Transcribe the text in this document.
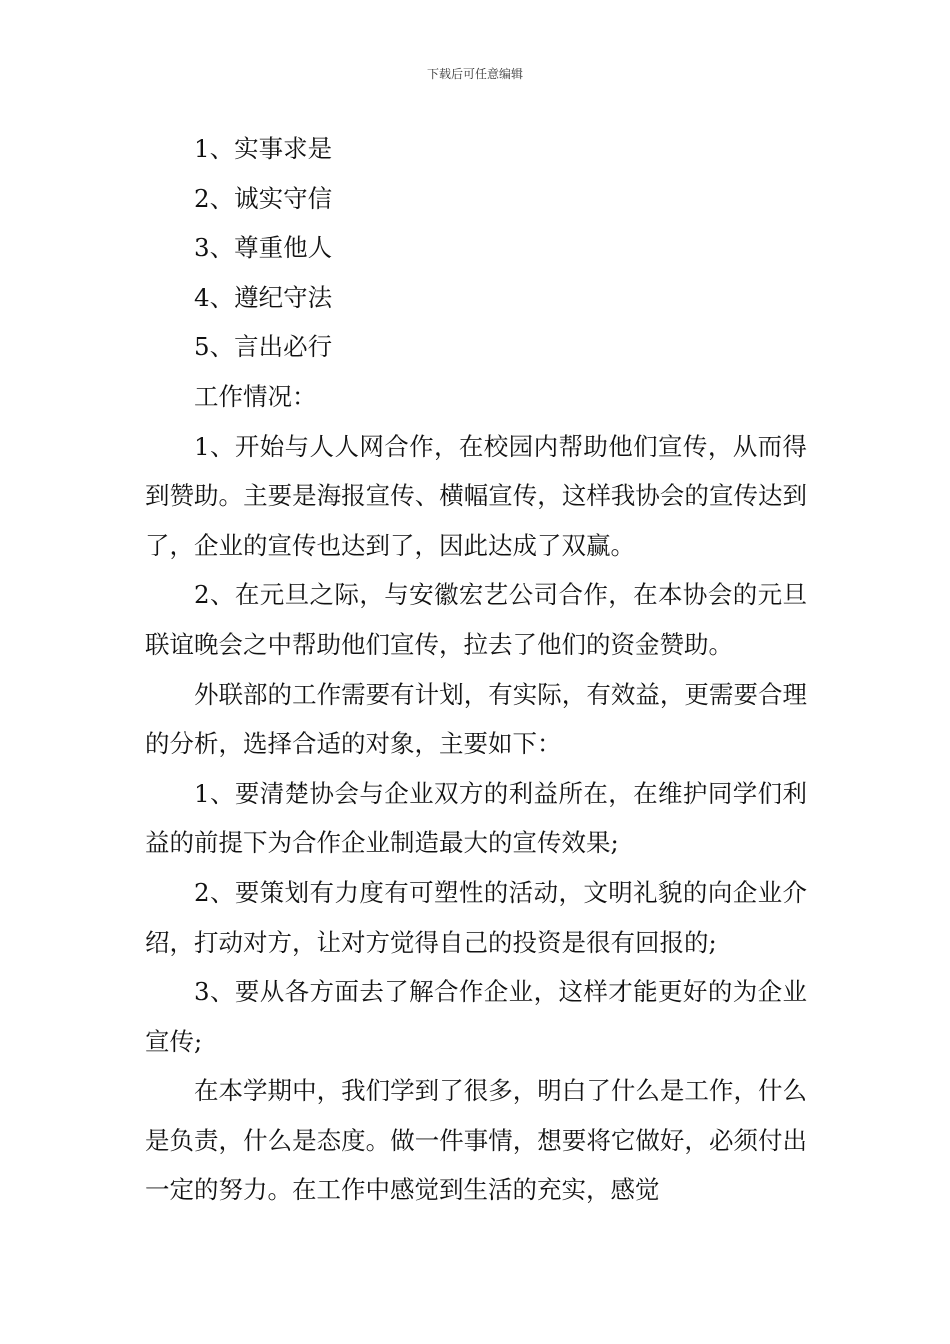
下载后可任意编辑

1、实事求是

2、诚实守信

3、尊重他人

4、遵纪守法

5、言出必行

工作情况：

1、开始与人人网合作，在校园内帮助他们宣传，从而得到赞助。主要是海报宣传、横幅宣传，这样我协会的宣传达到了，企业的宣传也达到了，因此达成了双赢。

2、在元旦之际，与安徽宏艺公司合作，在本协会的元旦联谊晚会之中帮助他们宣传，拉去了他们的资金赞助。

外联部的工作需要有计划，有实际，有效益，更需要合理的分析，选择合适的对象，主要如下：

1、要清楚协会与企业双方的利益所在，在维护同学们利益的前提下为合作企业制造最大的宣传效果;

2、要策划有力度有可塑性的活动，文明礼貌的向企业介绍，打动对方，让对方觉得自己的投资是很有回报的;

3、要从各方面去了解合作企业，这样才能更好的为企业宣传;

在本学期中，我们学到了很多，明白了什么是工作，什么是负责，什么是态度。做一件事情，想要将它做好，必须付出一定的努力。在工作中感觉到生活的充实，感觉
